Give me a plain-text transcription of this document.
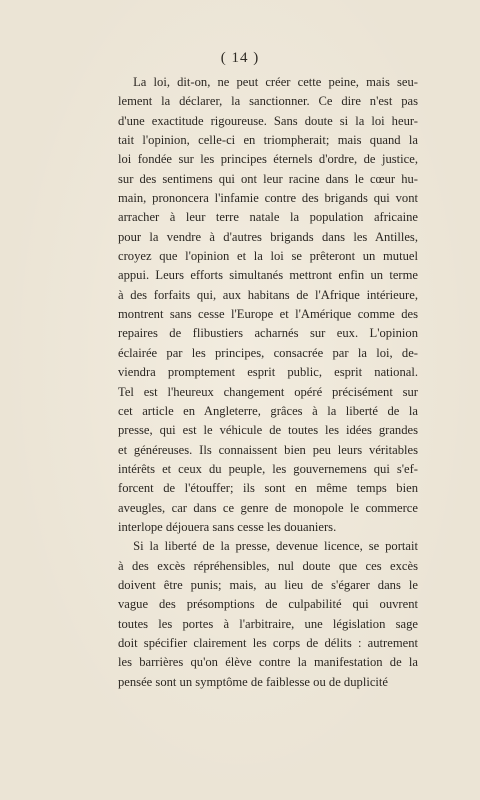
( 14 )
La loi, dit-on, ne peut créer cette peine, mais seu-
lement la déclarer, la sanctionner. Ce dire n'est pas
d'une exactitude rigoureuse. Sans doute si la loi heur-
tait l'opinion, celle-ci en triompherait; mais quand la
loi fondée sur les principes éternels d'ordre, de justice,
sur des sentimens qui ont leur racine dans le cœur hu-
main, prononcera l'infamie contre des brigands qui vont
arracher à leur terre natale la population africaine
pour la vendre à d'autres brigands dans les Antilles,
croyez que l'opinion et la loi se prêteront un mutuel
appui. Leurs efforts simultanés mettront enfin un terme
à des forfaits qui, aux habitans de l'Afrique intérieure,
montrent sans cesse l'Europe et l'Amérique comme des
repaires de flibustiers acharnés sur eux. L'opinion
éclairée par les principes, consacrée par la loi, de-
viendra promptement esprit public, esprit national.
Tel est l'heureux changement opéré précisément sur
cet article en Angleterre, grâces à la liberté de la
presse, qui est le véhicule de toutes les idées grandes
et généreuses. Ils connaissent bien peu leurs véritables
intérêts et ceux du peuple, les gouvernemens qui s'ef-
forcent de l'étouffer; ils sont en même temps bien
aveugles, car dans ce genre de monopole le commerce
interlope déjouera sans cesse les douaniers.
Si la liberté de la presse, devenue licence, se portait
à des excès répréhensibles, nul doute que ces excès
doivent être punis; mais, au lieu de s'égarer dans le
vague des présomptions de culpabilité qui ouvrent
toutes les portes à l'arbitraire, une législation sage
doit spécifier clairement les corps de délits : autrement
les barrières qu'on élève contre la manifestation de la
pensée sont un symptôme de faiblesse ou de duplicité
